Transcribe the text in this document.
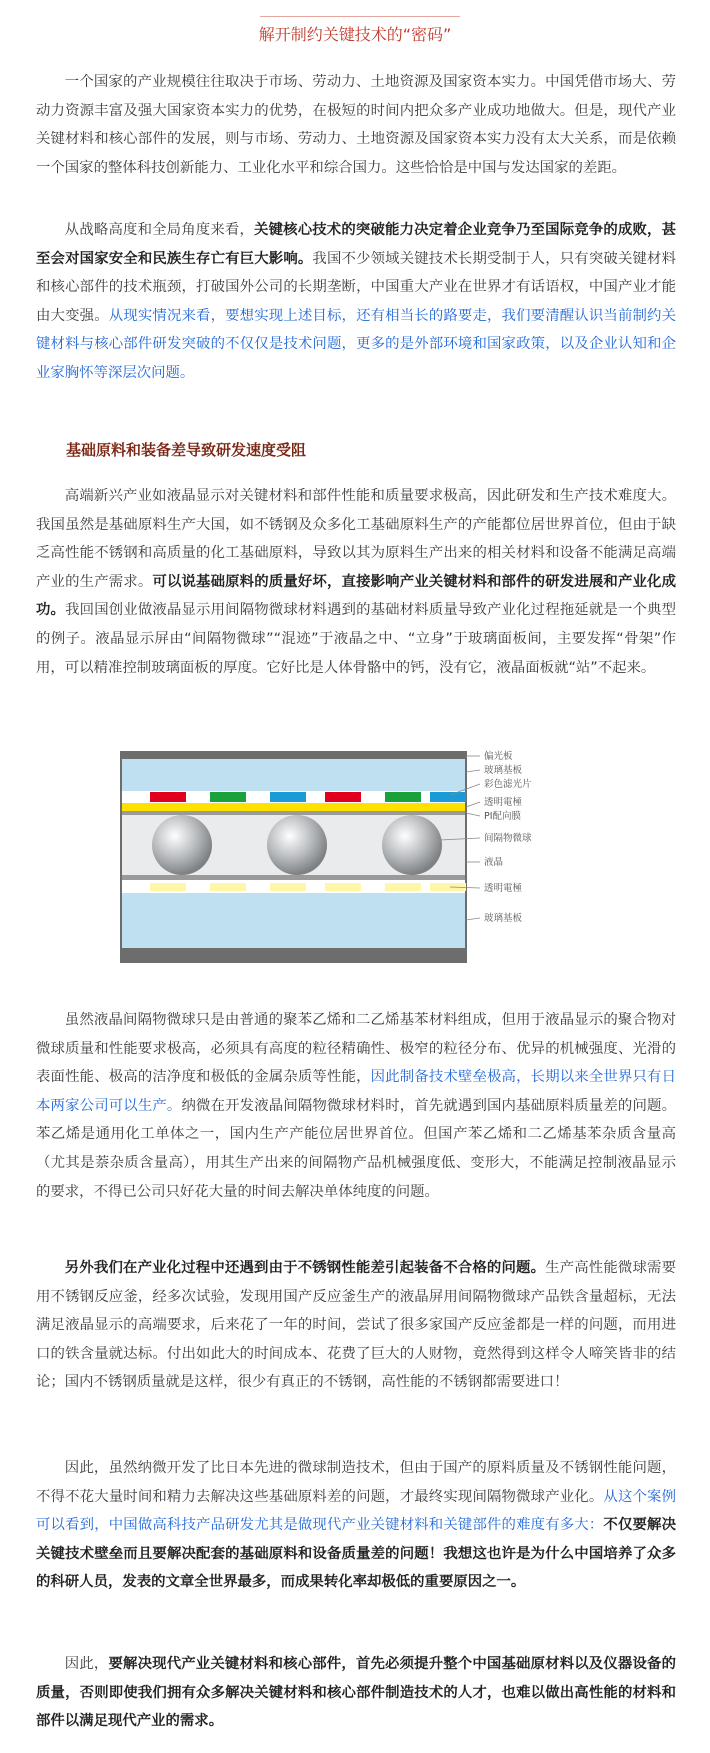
解开制约关键技术的“密码”

一个国家的产业规模往往取决于市场、劳动力、土地资源及国家资本实力。中国凭借市场大、劳动力资源丰富及强大国家资本实力的优势，在极短的时间内把众多产业成功地做大。但是，现代产业关键材料和核心部件的发展，则与市场、劳动力、土地资源及国家资本实力没有太大关系，而是依赖一个国家的整体科技创新能力、工业化水平和综合国力。这些恰恰是中国与发达国家的差距。

从战略高度和全局角度来看，关键核心技术的突破能力决定着企业竞争乃至国际竞争的成败，甚至会对国家安全和民族生存亡有巨大影响。我国不少领域关键技术长期受制于人，只有突破关键材料和核心部件的技术瓶颈，打破国外公司的长期垄断，中国重大产业在世界才有话语权，中国产业才能由大变强。从现实情况来看，要想实现上述目标，还有相当长的路要走，我们要清醒认识当前制约关键材料与核心部件研发突破的不仅仅是技术问题，更多的是外部环境和国家政策，以及企业认知和企业家胸怀等深层次问题。

基础原料和装备差导致研发速度受阻

高端新兴产业如液晶显示对关键材料和部件性能和质量要求极高，因此研发和生产技术难度大。我国虽然是基础原料生产大国，如不锈钢及众多化工基础原料生产的产能都位居世界首位，但由于缺乏高性能不锈钢和高质量的化工基础原料，导致以其为原料生产出来的相关材料和设备不能满足高端产业的生产需求。可以说基础原料的质量好坏，直接影响产业关键材料和部件的研发进展和产业化成功。我回国创业做液晶显示用间隔物微球材料遇到的基础材料质量导致产业化过程拖延就是一个典型的例子。液晶显示屏由“间隔物微球”“混迹”于液晶之中、“立身”于玻璃面板间，主要发挥“骨架”作用，可以精准控制玻璃面板的厚度。它好比是人体骨骼中的钙，没有它，液晶面板就“站”不起来。

偏光板
玻璃基板
彩色滤光片
透明電極
PI配向膜
间隔物微球
液晶
透明電極
玻璃基板

虽然液晶间隔物微球只是由普通的聚苯乙烯和二乙烯基苯材料组成，但用于液晶显示的聚合物对微球质量和性能要求极高，必须具有高度的粒径精确性、极窄的粒径分布、优异的机械强度、光滑的表面性能、极高的洁净度和极低的金属杂质等性能，因此制备技术壁垒极高，长期以来全世界只有日本两家公司可以生产。纳微在开发液晶间隔物微球材料时，首先就遇到国内基础原料质量差的问题。苯乙烯是通用化工单体之一，国内生产产能位居世界首位。但国产苯乙烯和二乙烯基苯杂质含量高（尤其是萘杂质含量高），用其生产出来的间隔物产品机械强度低、变形大，不能满足控制液晶显示的要求，不得已公司只好花大量的时间去解决单体纯度的问题。

另外我们在产业化过程中还遇到由于不锈钢性能差引起装备不合格的问题。生产高性能微球需要用不锈钢反应釜，经多次试验，发现用国产反应釜生产的液晶屏用间隔物微球产品铁含量超标，无法满足液晶显示的高端要求，后来花了一年的时间，尝试了很多家国产反应釜都是一样的问题，而用进口的铁含量就达标。付出如此大的时间成本、花费了巨大的人财物，竟然得到这样令人啼笑皆非的结论；国内不锈钢质量就是这样，很少有真正的不锈钢，高性能的不锈钢都需要进口！

因此，虽然纳微开发了比日本先进的微球制造技术，但由于国产的原料质量及不锈钢性能问题，不得不花大量时间和精力去解决这些基础原料差的问题，才最终实现间隔物微球产业化。从这个案例可以看到，中国做高科技产品研发尤其是做现代产业关键材料和关键部件的难度有多大：不仅要解决关键技术壁垒而且要解决配套的基础原料和设备质量差的问题！我想这也许是为什么中国培养了众多的科研人员，发表的文章全世界最多，而成果转化率却极低的重要原因之一。

因此，要解决现代产业关键材料和核心部件，首先必须提升整个中国基础原材料以及仪器设备的质量，否则即使我们拥有众多解决关键材料和核心部件制造技术的人才，也难以做出高性能的材料和部件以满足现代产业的需求。
